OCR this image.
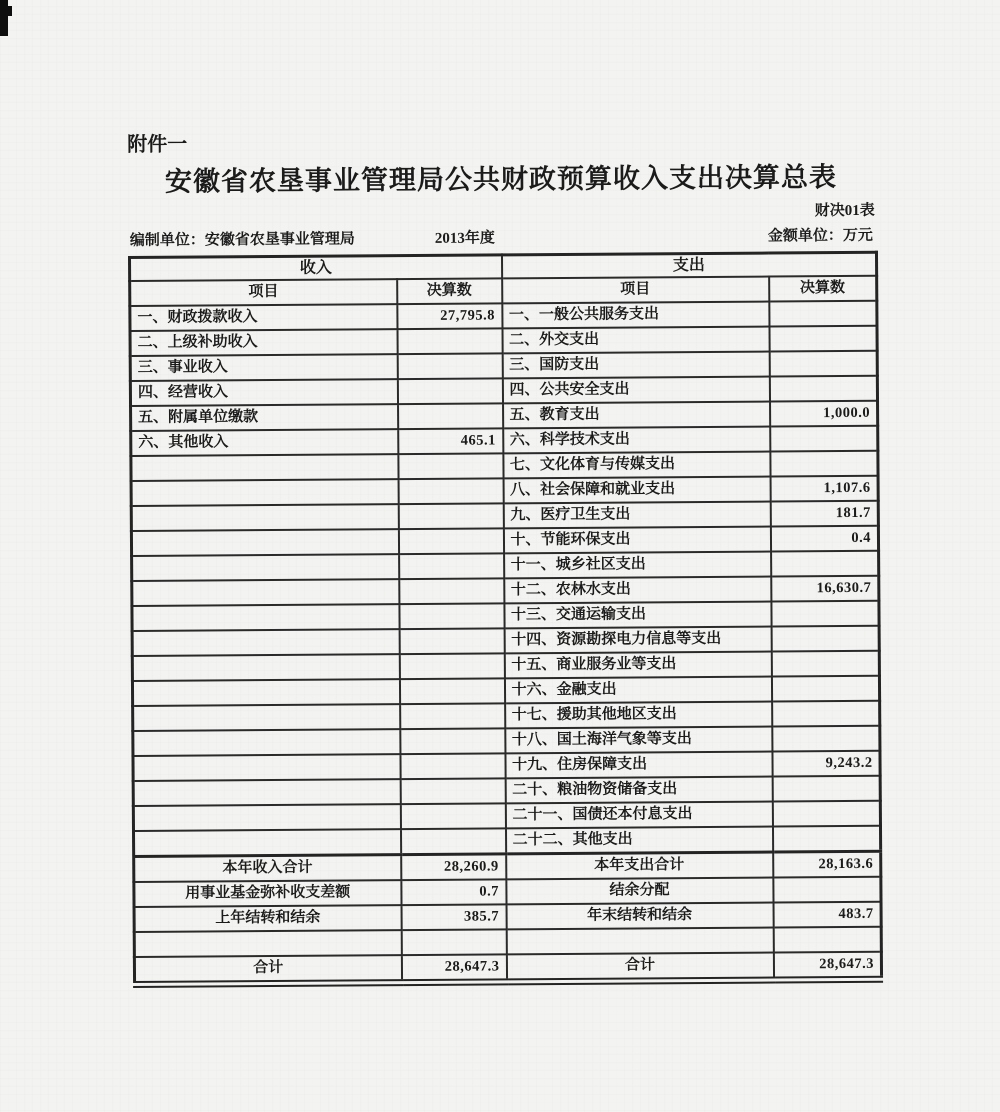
附件一
安徽省农垦事业管理局公共财政预算收入支出决算总表
财决01表
编制单位：安徽省农垦事业管理局	2013年度	金额单位：万元
收入		支出	
项目	决算数	项目	决算数
一、财政拨款收入	27,795.8	一、一般公共服务支出	
二、上级补助收入		二、外交支出	
三、事业收入		三、国防支出	
四、经营收入		四、公共安全支出	
五、附属单位缴款		五、教育支出	1,000.0
六、其他收入	465.1	六、科学技术支出	
		七、文化体育与传媒支出	
		八、社会保障和就业支出	1,107.6
		九、医疗卫生支出	181.7
		十、节能环保支出	0.4
		十一、城乡社区支出	
		十二、农林水支出	16,630.7
		十三、交通运输支出	
		十四、资源勘探电力信息等支出	
		十五、商业服务业等支出	
		十六、金融支出	
		十七、援助其他地区支出	
		十八、国土海洋气象等支出	
		十九、住房保障支出	9,243.2
		二十、粮油物资储备支出	
		二十一、国债还本付息支出	
		二十二、其他支出	
本年收入合计	28,260.9	本年支出合计	28,163.6
用事业基金弥补收支差额	0.7	结余分配	
上年结转和结余	385.7	年末结转和结余	483.7

合计	28,647.3	合计	28,647.3
